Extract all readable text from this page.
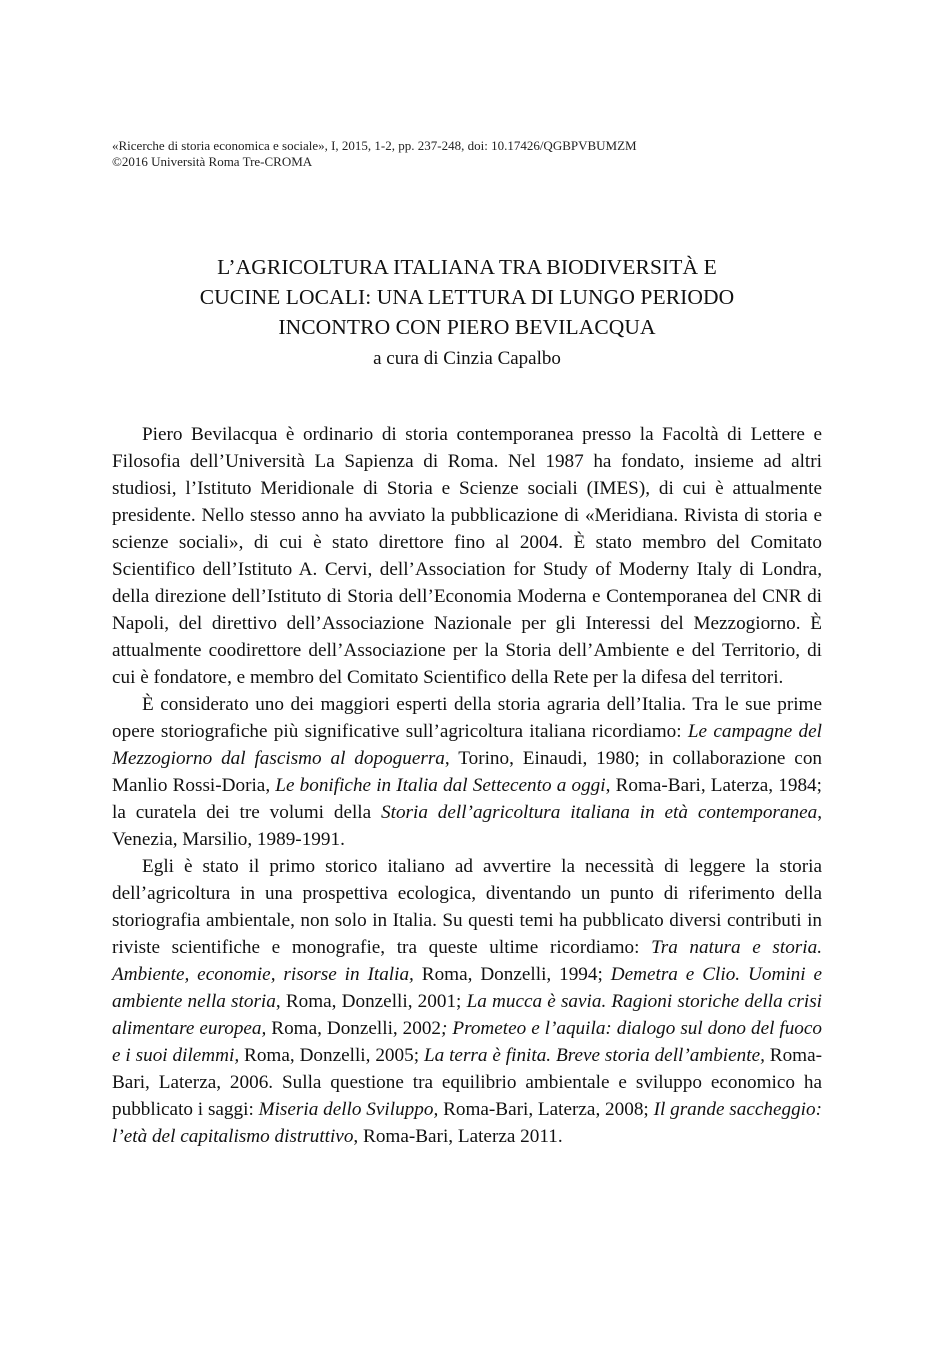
«Ricerche di storia economica e sociale», I, 2015, 1-2, pp. 237-248, doi: 10.17426/QGBPVBUMZM
©2016 Università Roma Tre-CROMA
L’AGRICOLTURA ITALIANA TRA BIODIVERSITÀ E
CUCINE LOCALI: UNA LETTURA DI LUNGO PERIODO
INCONTRO CON PIERO BEVILACQUA
a cura di Cinzia Capalbo

Piero Bevilacqua è ordinario di storia contemporanea presso la Facoltà di Lettere e Filosofia dell’Università La Sapienza di Roma. Nel 1987 ha fondato, insieme ad altri studiosi, l’Istituto Meridionale di Storia e Scienze sociali (IMES), di cui è attualmente presidente. Nello stesso anno ha avviato la pubblicazione di «Meridiana. Rivista di storia e scienze sociali», di cui è stato direttore fino al 2004. È stato membro del Comitato Scientifico dell’Istituto A. Cervi, dell’Association for Study of Moderny Italy di Londra, della direzione dell’Istituto di Storia dell’Economia Moderna e Contemporanea del CNR di Napoli, del direttivo dell’Associazione Nazionale per gli Interessi del Mezzogiorno. È attualmente coodirettore dell’Associazione per la Storia dell’Ambiente e del Territorio, di cui è fondatore, e membro del Comitato Scientifico della Rete per la difesa del territori.

È considerato uno dei maggiori esperti della storia agraria dell’Italia. Tra le sue prime opere storiografiche più significative sull’agricoltura italiana ricordiamo: Le campagne del Mezzogiorno dal fascismo al dopoguerra, Torino, Einaudi, 1980; in collaborazione con Manlio Rossi-Doria, Le bonifiche in Italia dal Settecento a oggi, Roma-Bari, Laterza, 1984; la curatela dei tre volumi della Storia dell’agricoltura italiana in età contemporanea, Venezia, Marsilio, 1989-1991.

Egli è stato il primo storico italiano ad avvertire la necessità di leggere la storia dell’agricoltura in una prospettiva ecologica, diventando un punto di riferimento della storiografia ambientale, non solo in Italia. Su questi temi ha pubblicato diversi contributi in riviste scientifiche e monografie, tra queste ultime ricordiamo: Tra natura e storia. Ambiente, economie, risorse in Italia, Roma, Donzelli, 1994; Demetra e Clio. Uomini e ambiente nella storia, Roma, Donzelli, 2001; La mucca è savia. Ragioni storiche della crisi alimentare europea, Roma, Donzelli, 2002; Prometeo e l’aquila: dialogo sul dono del fuoco e i suoi dilemmi, Roma, Donzelli, 2005; La terra è finita. Breve storia dell’ambiente, Roma-Bari, Laterza, 2006. Sulla questione tra equilibrio ambientale e sviluppo economico ha pubblicato i saggi: Miseria dello Sviluppo, Roma-Bari, Laterza, 2008; Il grande saccheggio: l’età del capitalismo distruttivo, Roma-Bari, Laterza 2011.
